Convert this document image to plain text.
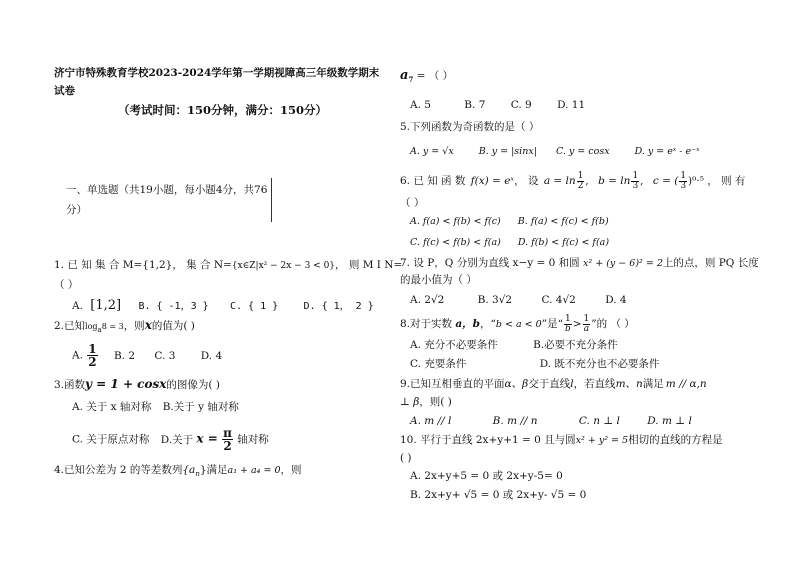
济宁市特殊教育学校2023-2024学年第一学期视障高三年级数学期末
试卷
（考试时间：150分钟，满分：150分）
一、单选题（共19小题，每小题4分，共76
分）
1. 已 知 集 合 M={1,2}， 集 合 N={x∈Z|x² − 2x − 3 < 0}， 则 M I N=
（ ）
A. [1,2] B. { -1，3 } C. { 1 }	D. { 1， 2 }
2.已知$\log_a8 = 3$，则x的值为( )
A. $\frac{1}{2} B$. 2 C. 3 D. 4
3.函数y = 1 + cosx的图像为( )
A. 关于 x 轴对称 B.关于 y 轴对称
C. 关于原点对称 D.关于 $x = \frac{\pi}{2}$ 轴对称
4.已知公差为 2 的等差数列$\{a_n\}$满足a₁ + a₄ = 0，则
$a_7$ = （ ）
A. 5	B. 7 C. 9 D. 11
5.下列函数为奇函数的是（ ）
A. y = √x	B. y = |sinx| C. y = cosx	D. y = eˣ - e⁻ˣ
6. 已 知 函 数 f(x) = eˣ， 设 $a = \ln \frac{1}{2}$ , $b = \ln \frac{1}{3}$ , c = ( $\frac{1}{3} )^0\cdot^5$ ， 则 有
（ ）
A. f(a) < f(b) < f(c) B. f(a) < f(c) < f(b)
C. f(c) < f(b) < f(a) D. f(b) < f(c) < f(a)
7. 设 P，Q 分别为直线 x−y = 0 和圆 x² + (y − 6)² = 2上的点，则 PQ 长度
的最小值为（ ）
A. 2√2	B. 3√2	C. 4√2	D. 4
8.对于实数 a，b，“b < a < 0”是“ $\frac{1}{b} > \frac{1}{a}$ ”的 （ ）
A. 充分不必要条件	B.必要不充分条件
C. 充要条件	D. 既不充分也不必要条件
9.已知互相垂直的平面α、β交于直线l，若直线m、n满足 m // α,n
⊥ β，则( )
A. m // l	B. m // n	C. n ⊥ l	D. m ⊥ l
10. 平行于直线 2x+y+1 = 0 且与圆x² + y² = 5相切的直线的方程是
( )
A. 2x+y+5 = 0 或 2x+y-5= 0
B. 2x+y+ √5 = 0 或 2x+y- √5 = 0
